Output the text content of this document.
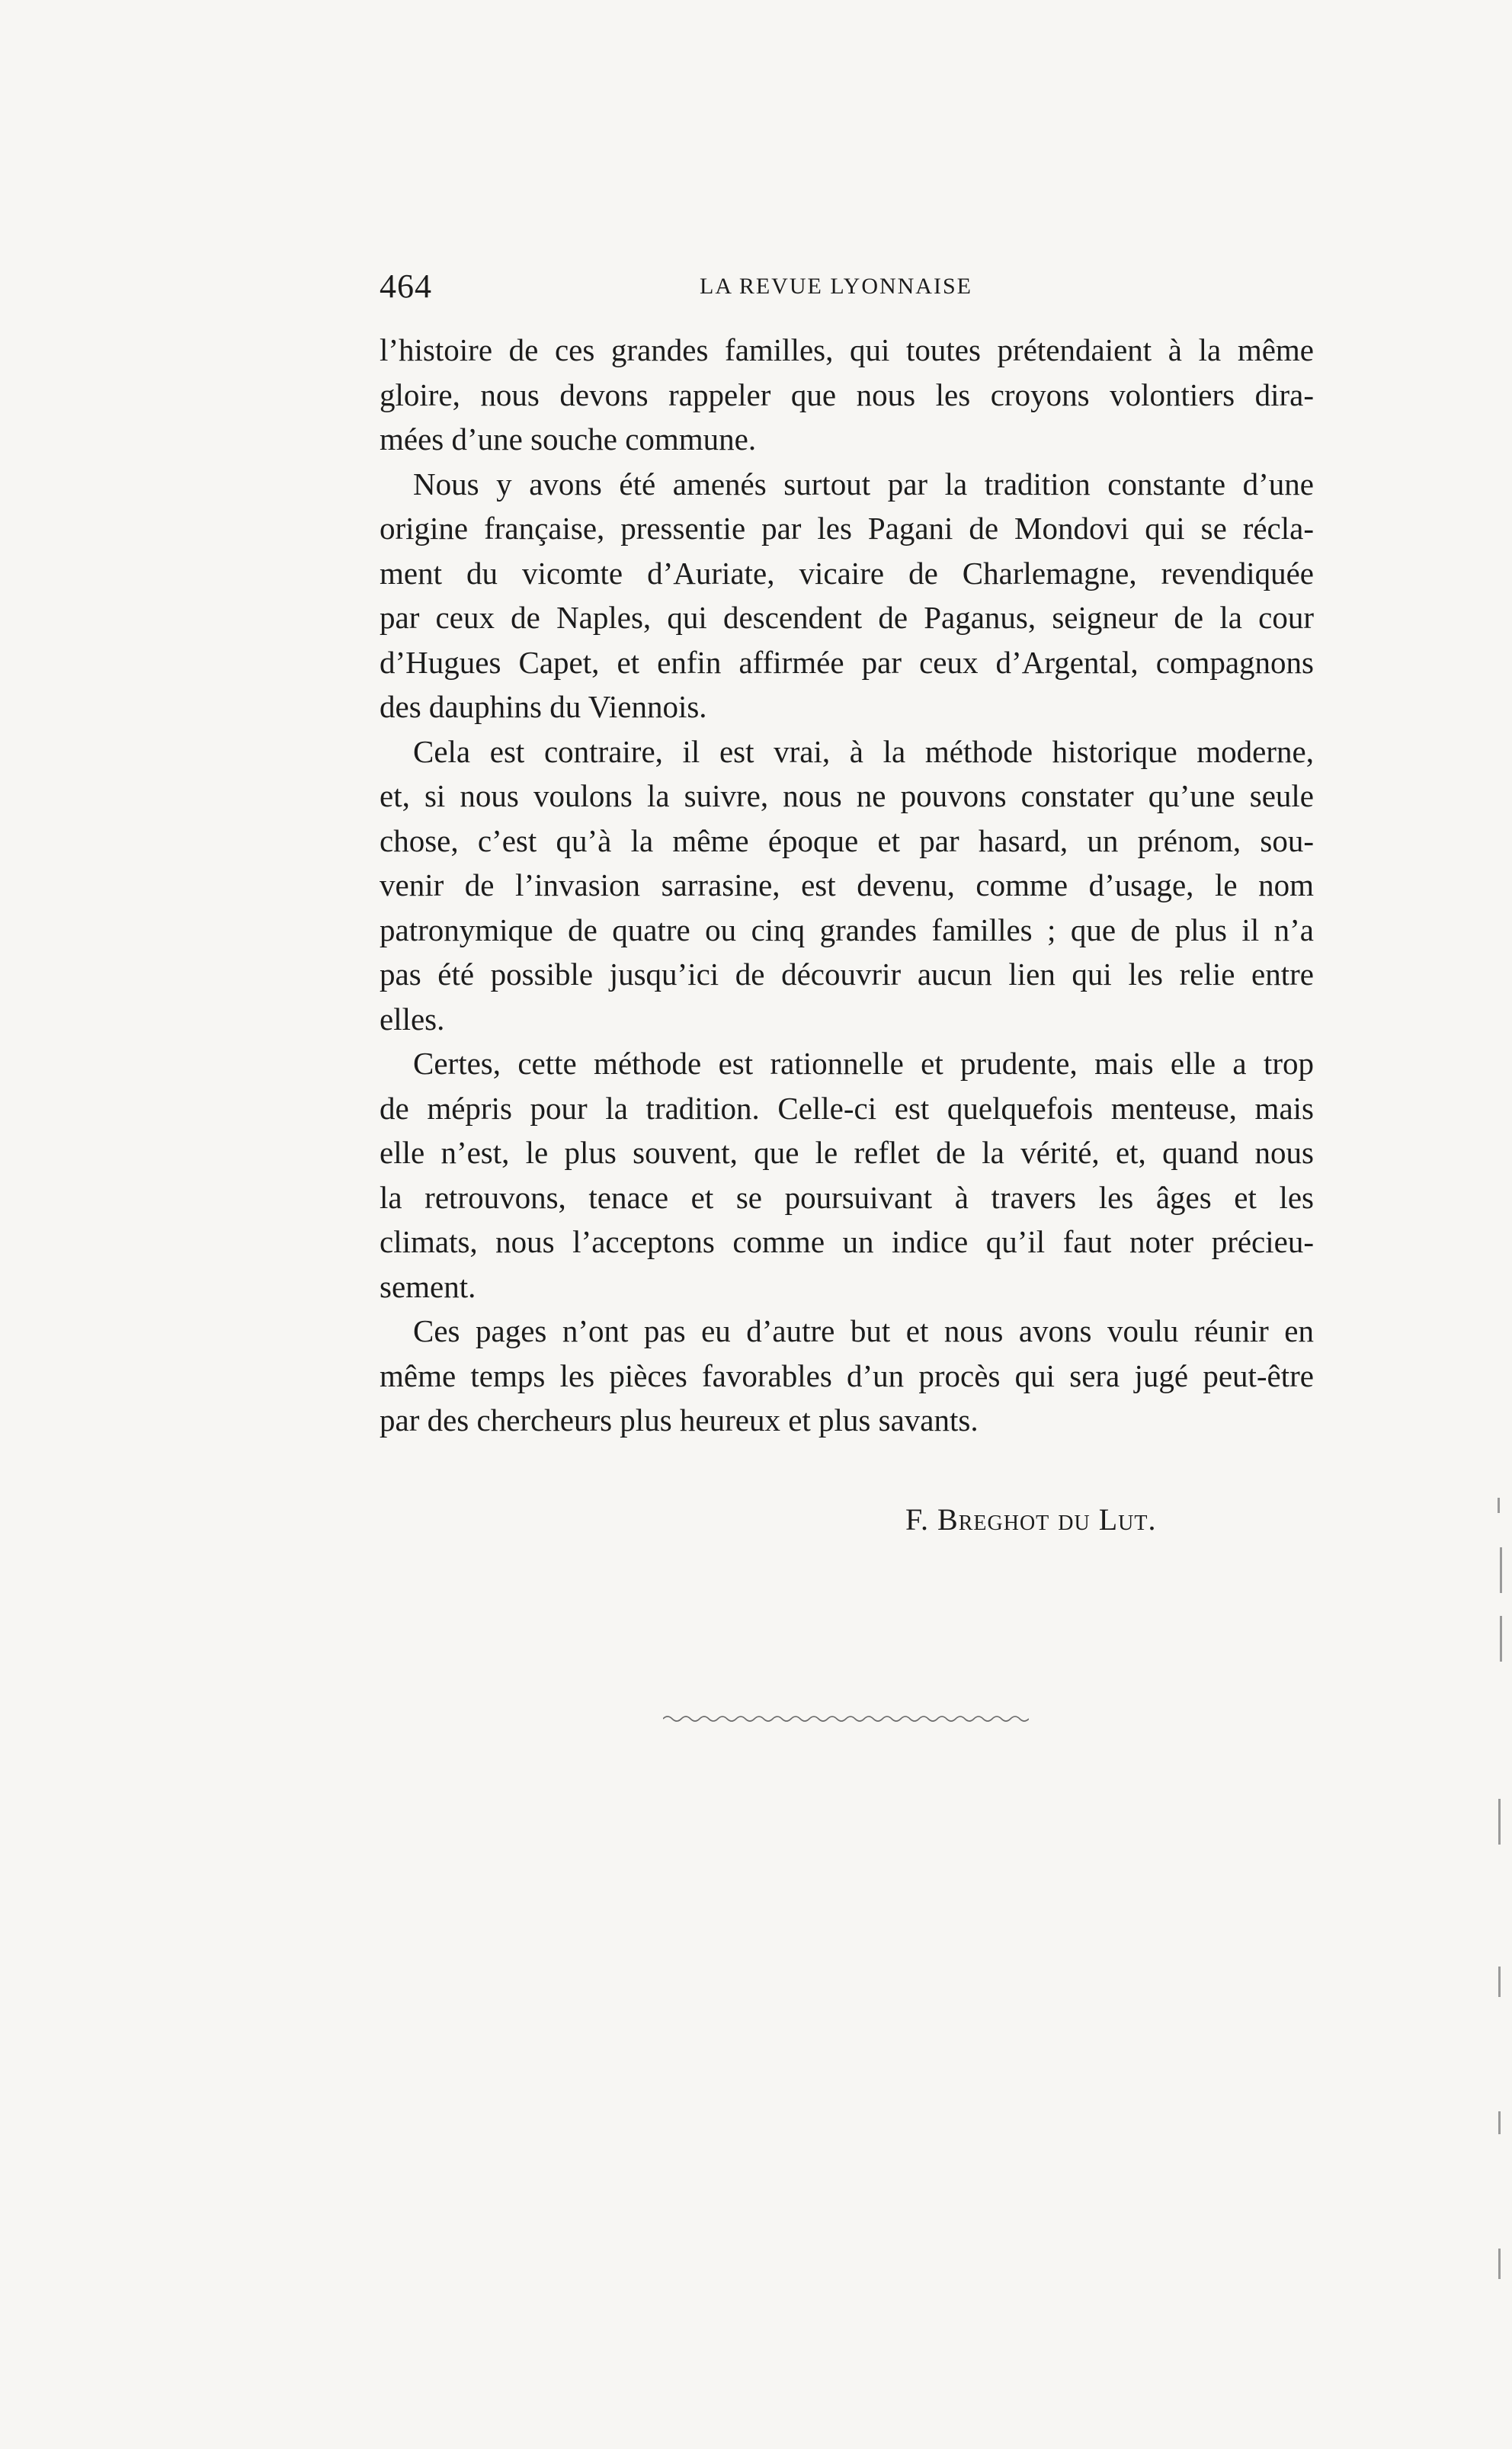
464	LA REVUE LYONNAISE

l’histoire de ces grandes familles, qui toutes prétendaient à la même
gloire, nous devons rappeler que nous les croyons volontiers dira-
mées d’une souche commune.

Nous y avons été amenés surtout par la tradition constante d’une
origine française, pressentie par les Pagani de Mondovi qui se récla-
ment du vicomte d’Auriate, vicaire de Charlemagne, revendiquée
par ceux de Naples, qui descendent de Paganus, seigneur de la cour
d’Hugues Capet, et enfin affirmée par ceux d’Argental, compagnons
des dauphins du Viennois.

Cela est contraire, il est vrai, à la méthode historique moderne,
et, si nous voulons la suivre, nous ne pouvons constater qu’une seule
chose, c’est qu’à la même époque et par hasard, un prénom, sou-
venir de l’invasion sarrasine, est devenu, comme d’usage, le nom
patronymique de quatre ou cinq grandes familles ; que de plus il n’a
pas été possible jusqu’ici de découvrir aucun lien qui les relie entre
elles.

Certes, cette méthode est rationnelle et prudente, mais elle a trop
de mépris pour la tradition. Celle-ci est quelquefois menteuse, mais
elle n’est, le plus souvent, que le reflet de la vérité, et, quand nous
la retrouvons, tenace et se poursuivant à travers les âges et les
climats, nous l’acceptons comme un indice qu’il faut noter précieu-
sement.

Ces pages n’ont pas eu d’autre but et nous avons voulu réunir en
même temps les pièces favorables d’un procès qui sera jugé peut-être
par des chercheurs plus heureux et plus savants.

F. Breghot du Lut.
